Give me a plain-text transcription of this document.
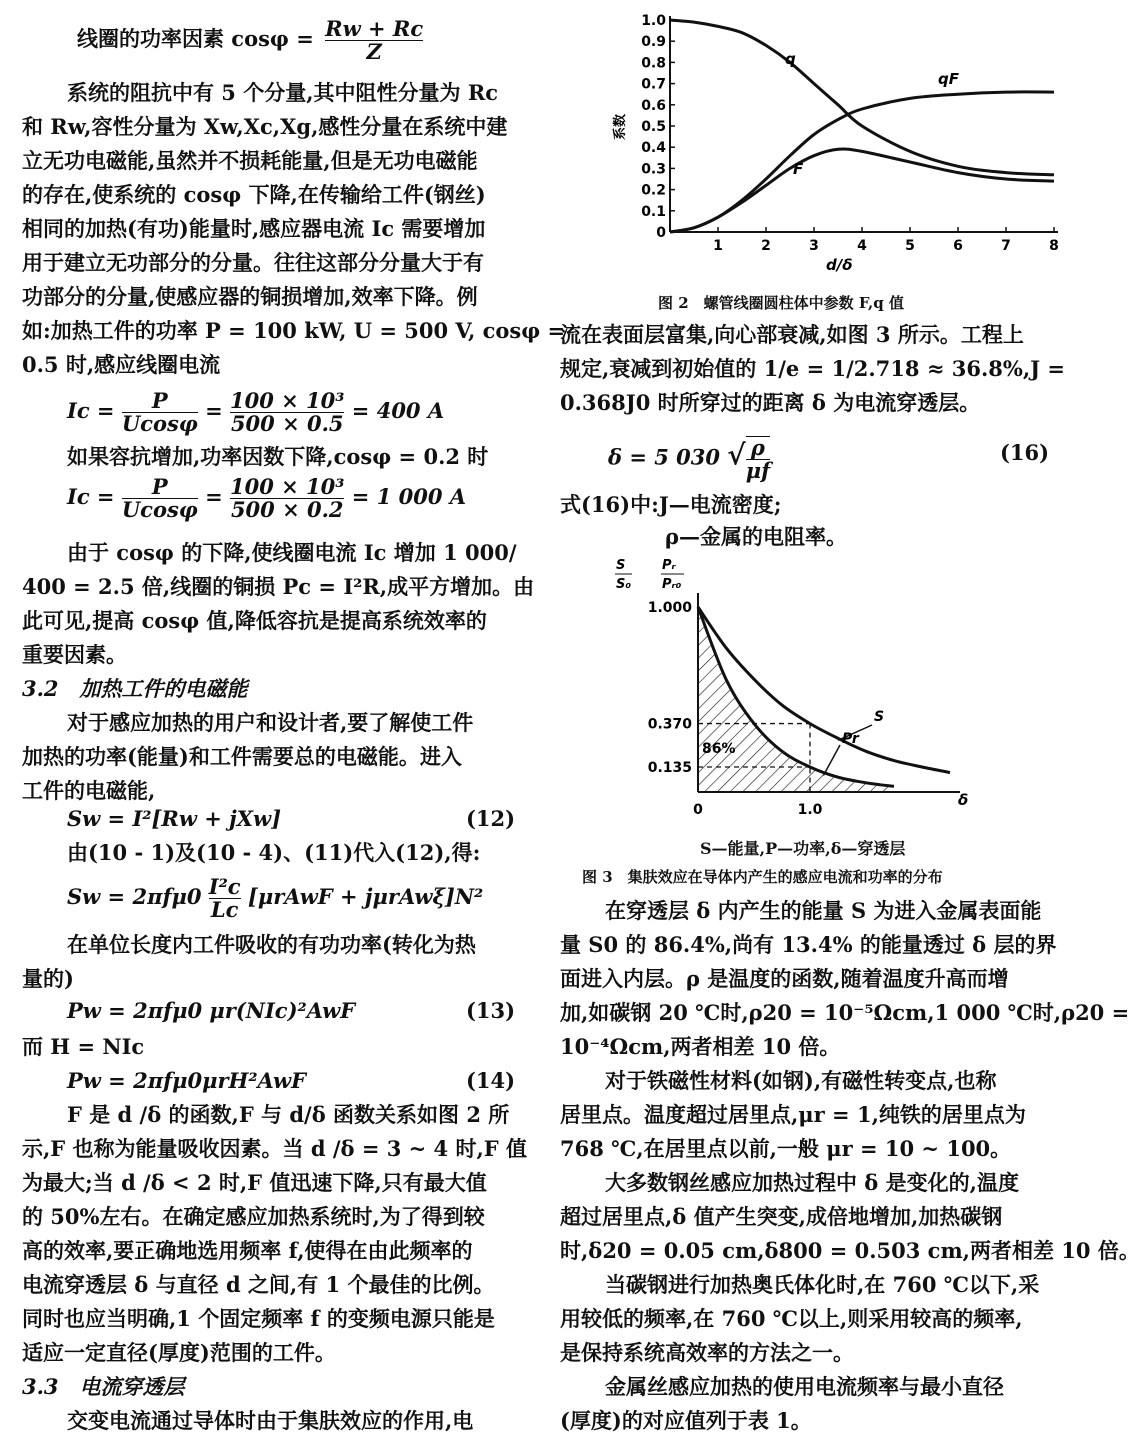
线圈的功率因素 $\cos\varphi = \frac{Rw + Rc}{Z}$
系统的阻抗中有 5 个分量,其中阻性分量为 Rc
和 Rw,容性分量为 Xw,Xc,Xg,感性分量在系统中建
立无功电磁能,虽然并不损耗能量,但是无功电磁能
的存在,使系统的 cosφ 下降,在传输给工件(钢丝)
相同的加热(有功)能量时,感应器电流 Ic 需要增加
用于建立无功部分的分量。往往这部分分量大于有
功部分的分量,使感应器的铜损增加,效率下降。例
如:加热工件的功率 P = 100 kW, U = 500 V, cosφ =
0.5 时,感应线圈电流
$Ic = \frac{P}{Ucos\varphi} = \frac{\text{100 × 10³}}{500 \times 0.5} = 400$ A
如果容抗增加,功率因数下降,cosφ = 0.2 时
$Ic = \frac{P}{Ucos\varphi} = \frac{\text{100 × 10³}}{500 \times 0.2} = 1$ 000 A
由于 cosφ 的下降,使线圈电流 Ic 增加 1 000/
400 = 2.5 倍,线圈的铜损 Pc = I²R,成平方增加。由
此可见,提高 cosφ 值,降低容抗是提高系统效率的
重要因素。
3.2　加热工件的电磁能
对于感应加热的用户和设计者,要了解使工件
加热的功率(能量)和工件需要总的电磁能。进入
工件的电磁能,
Sw = I²[Rw + jXw]	(12)
由(10 - 1)及(10 - 4)、(11)代入(12),得:
$Sw = 2\pi f\mu 0 \frac{\text{I²c}}{Lc}$ [μrAwF + jμrAwξ]N²
在单位长度内工件吸收的有功功率(转化为热
量的)
Pw = 2πfμ0 μr(NIc)²AwF	(13)
而 H = NIc
Pw = 2πfμ0μrH²AwF	(14)
F 是 d /δ 的函数,F 与 d/δ 函数关系如图 2 所
示,F 也称为能量吸收因素。当 d /δ = 3 ~ 4 时,F 值
为最大;当 d /δ < 2 时,F 值迅速下降,只有最大值
的 50%左右。在确定感应加热系统时,为了得到较
高的效率,要正确地选用频率 f,使得在由此频率的
电流穿透层 δ 与直径 d 之间,有 1 个最佳的比例。
同时也应当明确,1 个固定频率 f 的变频电源只能是
适应一定直径(厚度)范围的工件。
3.3　电流穿透层
交变电流通过导体时由于集肤效应的作用,电
0
0.1
0.2
0.3
0.4
0.5
0.6
0.7
0.8
0.9
1.0
1	2	3	4	5	6	7	8
系数
d/δ
q
qF
F
图 2　螺管线圈圆柱体中参数 F,q 值
流在表面层富集,向心部衰减,如图 3 所示。工程上
规定,衰减到初始值的 1/e = 1/2.718 ≈ 36.8%,J =
0.368J0 时所穿过的距离 δ 为电流穿透层。
δ = 5 030 √ $\frac{\rho}{\mu f}$	(16)
式(16)中:J—电流密度;
ρ—金属的电阻率。
0.135
0.370
1.000
0	1.0
S
S₀
Pᵣ
Pᵣ₀
δ
86%
S
Pr
S—能量,P—功率,δ—穿透层
图 3　集肤效应在导体内产生的感应电流和功率的分布
在穿透层 δ 内产生的能量 S 为进入金属表面能
量 S0 的 86.4%,尚有 13.4% 的能量透过 δ 层的界
面进入内层。ρ 是温度的函数,随着温度升高而增
加,如碳钢 20 ℃时,ρ20 = 10⁻⁵Ωcm,1 000 ℃时,ρ20 =
10⁻⁴Ωcm,两者相差 10 倍。
对于铁磁性材料(如钢),有磁性转变点,也称
居里点。温度超过居里点,μr = 1,纯铁的居里点为
768 ℃,在居里点以前,一般 μr = 10 ~ 100。
大多数钢丝感应加热过程中 δ 是变化的,温度
超过居里点,δ 值产生突变,成倍地增加,加热碳钢
时,δ20 = 0.05 cm,δ800 = 0.503 cm,两者相差 10 倍。
当碳钢进行加热奥氏体化时,在 760 ℃以下,采
用较低的频率,在 760 ℃以上,则采用较高的频率,
是保持系统高效率的方法之一。
金属丝感应加热的使用电流频率与最小直径
(厚度)的对应值列于表 1。
